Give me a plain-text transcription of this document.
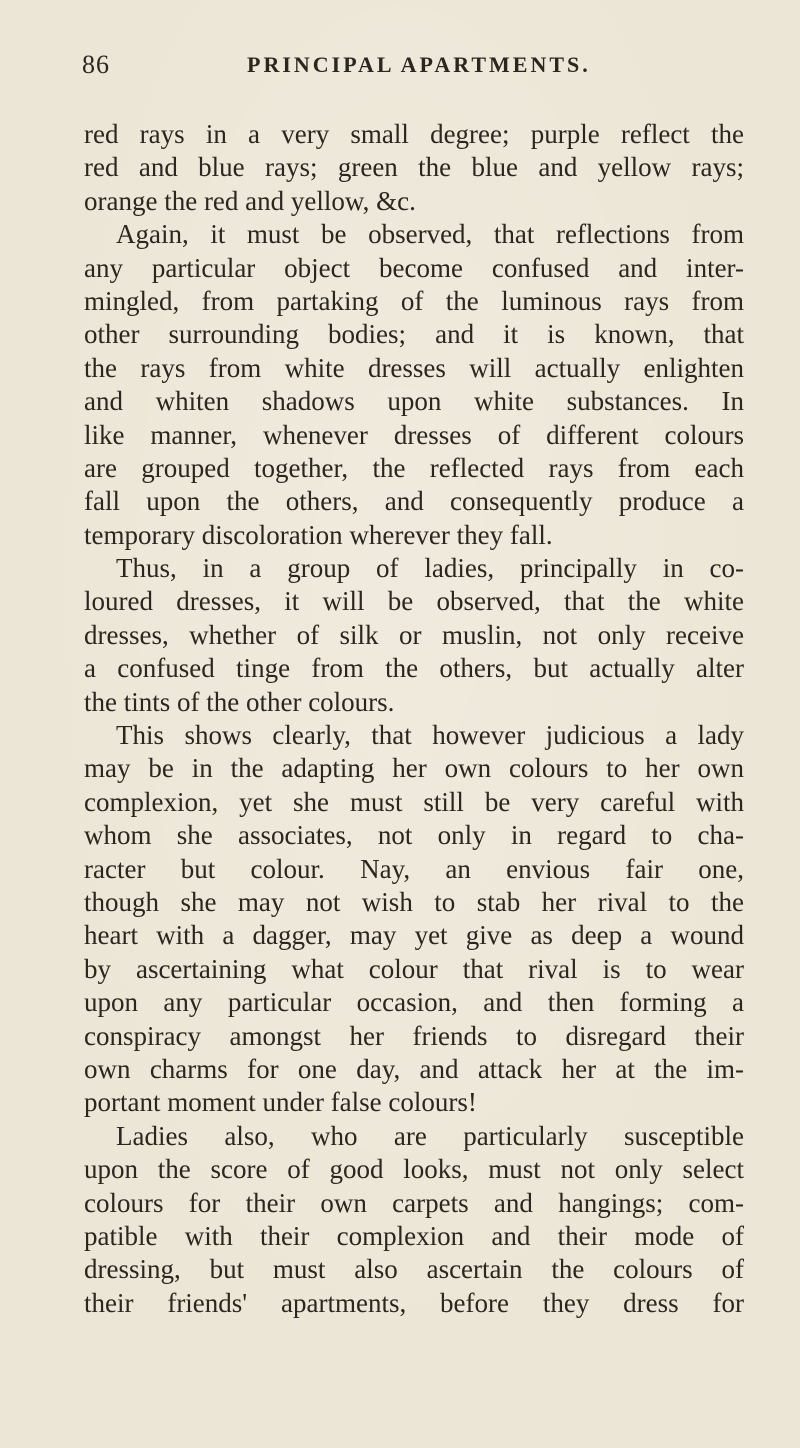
86	PRINCIPAL APARTMENTS.
red rays in a very small degree; purple reflect the
red and blue rays; green the blue and yellow rays;
orange the red and yellow, &c.
Again, it must be observed, that reflections from
any particular object become confused and inter-
mingled, from partaking of the luminous rays from
other surrounding bodies; and it is known, that
the rays from white dresses will actually enlighten
and whiten shadows upon white substances. In
like manner, whenever dresses of different colours
are grouped together, the reflected rays from each
fall upon the others, and consequently produce a
temporary discoloration wherever they fall.
Thus, in a group of ladies, principally in co-
loured dresses, it will be observed, that the white
dresses, whether of silk or muslin, not only receive
a confused tinge from the others, but actually alter
the tints of the other colours.
This shows clearly, that however judicious a lady
may be in the adapting her own colours to her own
complexion, yet she must still be very careful with
whom she associates, not only in regard to cha-
racter but colour. Nay, an envious fair one,
though she may not wish to stab her rival to the
heart with a dagger, may yet give as deep a wound
by ascertaining what colour that rival is to wear
upon any particular occasion, and then forming a
conspiracy amongst her friends to disregard their
own charms for one day, and attack her at the im-
portant moment under false colours!
Ladies also, who are particularly susceptible
upon the score of good looks, must not only select
colours for their own carpets and hangings; com-
patible with their complexion and their mode of
dressing, but must also ascertain the colours of
their friends' apartments, before they dress for
